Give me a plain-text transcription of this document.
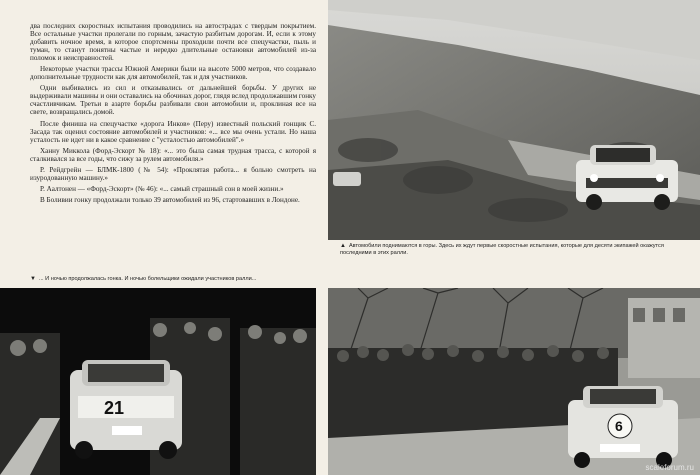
два последних скоростных испытания проводились на автострадах с твердым покрытием. Все остальные участки пролегали по горным, зачастую разбитым дорогам. И, если к этому добавить ночное время, в которое спортсмены проходили почти все спецучастки, пыль и туман, то станут понятны частые и нередко длительные остановки автомобилей из-за поломок и неисправностей.

Некоторые участки трассы Южной Америки были на высоте 5000 метров, что создавало дополнительные трудности как для автомобилей, так и для участников.

Одни выбивались из сил и отказывались от дальнейшей борьбы. У других не выдерживали машины и они оставались на обочинах дорог, глядя вслед продолжавшим гонку счастливчикам. Третьи в азарте борьбы разбивали свои автомобили и, проклиная все на свете, возвращались домой.

После финиша на спецучастке «дорога Инков» (Перу) известный польский гонщик С. Засада так оценил состояние автомобилей и участников: «... все мы очень устали. Но наша усталость не идет ни в какое сравнение с "усталостью автомобилей".»

Ханну Миккола (Форд-Эскорт № 18): «... это была самая трудная трасса, с которой я сталкивался за все годы, что сижу за рулем автомобиля.»

Р. Рейдгрейн — БЛМК-1800 (№ 54): «Проклятая работа... я больно смотреть на изуродованную машину.»

Р. Аалтонен — «Форд-Эскорт» (№ 46): «... самый страшный сон в моей жизни.»

В Боливии гонку продолжали только 39 автомобилей из 96, стартовавших в Лондоне.

▲ Автомобили поднимаются в горы. Здесь их ждут первые скоростные испытания, которые для десяти экипажей окажутся последними в этих ралли.
▼ ... И ночью продолжалась гонка. И ночью болельщики ожидали участников ралли...
21
6
scaleforum.ru
